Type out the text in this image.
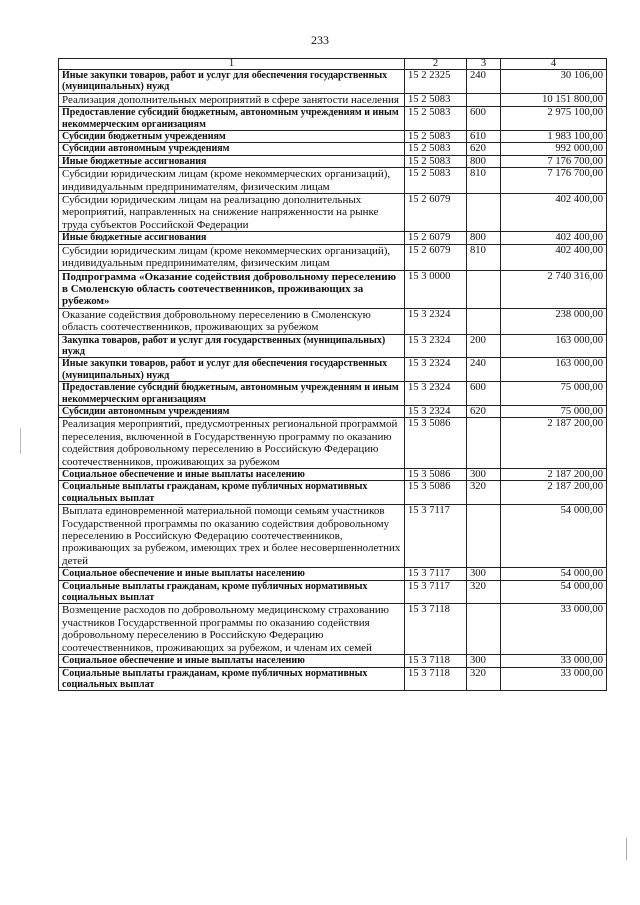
233
1	2	3	4
Иные закупки товаров, работ и услуг для обеспечения государственных (муниципальных) нужд	15 2 2325	240	30 106,00
Реализация дополнительных мероприятий в сфере занятости населения	15 2 5083		10 151 800,00
Предоставление субсидий бюджетным, автономным учреждениям и иным некоммерческим организациям	15 2 5083	600	2 975 100,00
Субсидии бюджетным учреждениям	15 2 5083	610	1 983 100,00
Субсидии автономным учреждениям	15 2 5083	620	992 000,00
Иные бюджетные ассигнования	15 2 5083	800	7 176 700,00
Субсидии юридическим лицам (кроме некоммерческих организаций), индивидуальным предпринимателям, физическим лицам	15 2 5083	810	7 176 700,00
Субсидии юридическим лицам на реализацию дополнительных мероприятий, направленных на снижение напряженности на рынке труда субъектов Российской Федерации	15 2 6079		402 400,00
Иные бюджетные ассигнования	15 2 6079	800	402 400,00
Субсидии юридическим лицам (кроме некоммерческих организаций), индивидуальным предпринимателям, физическим лицам	15 2 6079	810	402 400,00
Подпрограмма «Оказание содействия добровольному переселению в Смоленскую область соотечественников, проживающих за рубежом»	15 3 0000		2 740 316,00
Оказание содействия добровольному переселению в Смоленскую область соотечественников, проживающих за рубежом	15 3 2324		238 000,00
Закупка товаров, работ и услуг для государственных (муниципальных) нужд	15 3 2324	200	163 000,00
Иные закупки товаров, работ и услуг для обеспечения государственных (муниципальных) нужд	15 3 2324	240	163 000,00
Предоставление субсидий бюджетным, автономным учреждениям и иным некоммерческим организациям	15 3 2324	600	75 000,00
Субсидии автономным учреждениям	15 3 2324	620	75 000,00
Реализация мероприятий, предусмотренных региональной программой переселения, включенной в Государственную программу по оказанию содействия добровольному переселению в Российскую Федерацию соотечественников, проживающих за рубежом	15 3 5086		2 187 200,00
Социальное обеспечение и иные выплаты населению	15 3 5086	300	2 187 200,00
Социальные выплаты гражданам, кроме публичных нормативных социальных выплат	15 3 5086	320	2 187 200,00
Выплата единовременной материальной помощи семьям участников Государственной программы по оказанию содействия добровольному переселению в Российскую Федерацию соотечественников, проживающих за рубежом, имеющих трех и более несовершеннолетних детей	15 3 7117		54 000,00
Социальное обеспечение и иные выплаты населению	15 3 7117	300	54 000,00
Социальные выплаты гражданам, кроме публичных нормативных социальных выплат	15 3 7117	320	54 000,00
Возмещение расходов по добровольному медицинскому страхованию участников Государственной программы по оказанию содействия добровольному переселению в Российскую Федерацию соотечественников, проживающих за рубежом, и членам их семей	15 3 7118		33 000,00
Социальное обеспечение и иные выплаты населению	15 3 7118	300	33 000,00
Социальные выплаты гражданам, кроме публичных нормативных социальных выплат	15 3 7118	320	33 000,00
